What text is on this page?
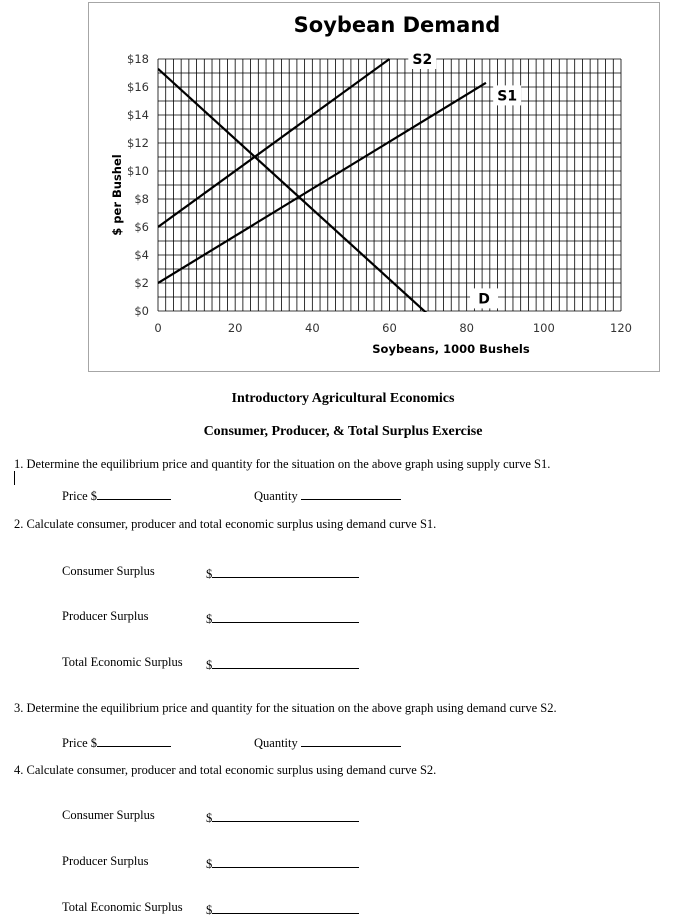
$0
$2
$4
$6
$8
$10
$12
$14
$16
$18
0	20	40	60	80	100	120
Soybeans, 1000 Bushels
$ per Bushel
Soybean Demand
S2
S1
D
Introductory Agricultural Economics
Consumer, Producer, & Total Surplus Exercise
1. Determine the equilibrium price and quantity for the situation on the above graph using supply curve S1.
Price $	Quantity
2. Calculate consumer, producer and total economic surplus using demand curve S1.
Consumer Surplus	$
Producer Surplus	$
Total Economic Surplus $
3. Determine the equilibrium price and quantity for the situation on the above graph using demand curve S2.
Price $	Quantity
4. Calculate consumer, producer and total economic surplus using demand curve S2.
Consumer Surplus	$
Producer Surplus	$
Total Economic Surplus $
